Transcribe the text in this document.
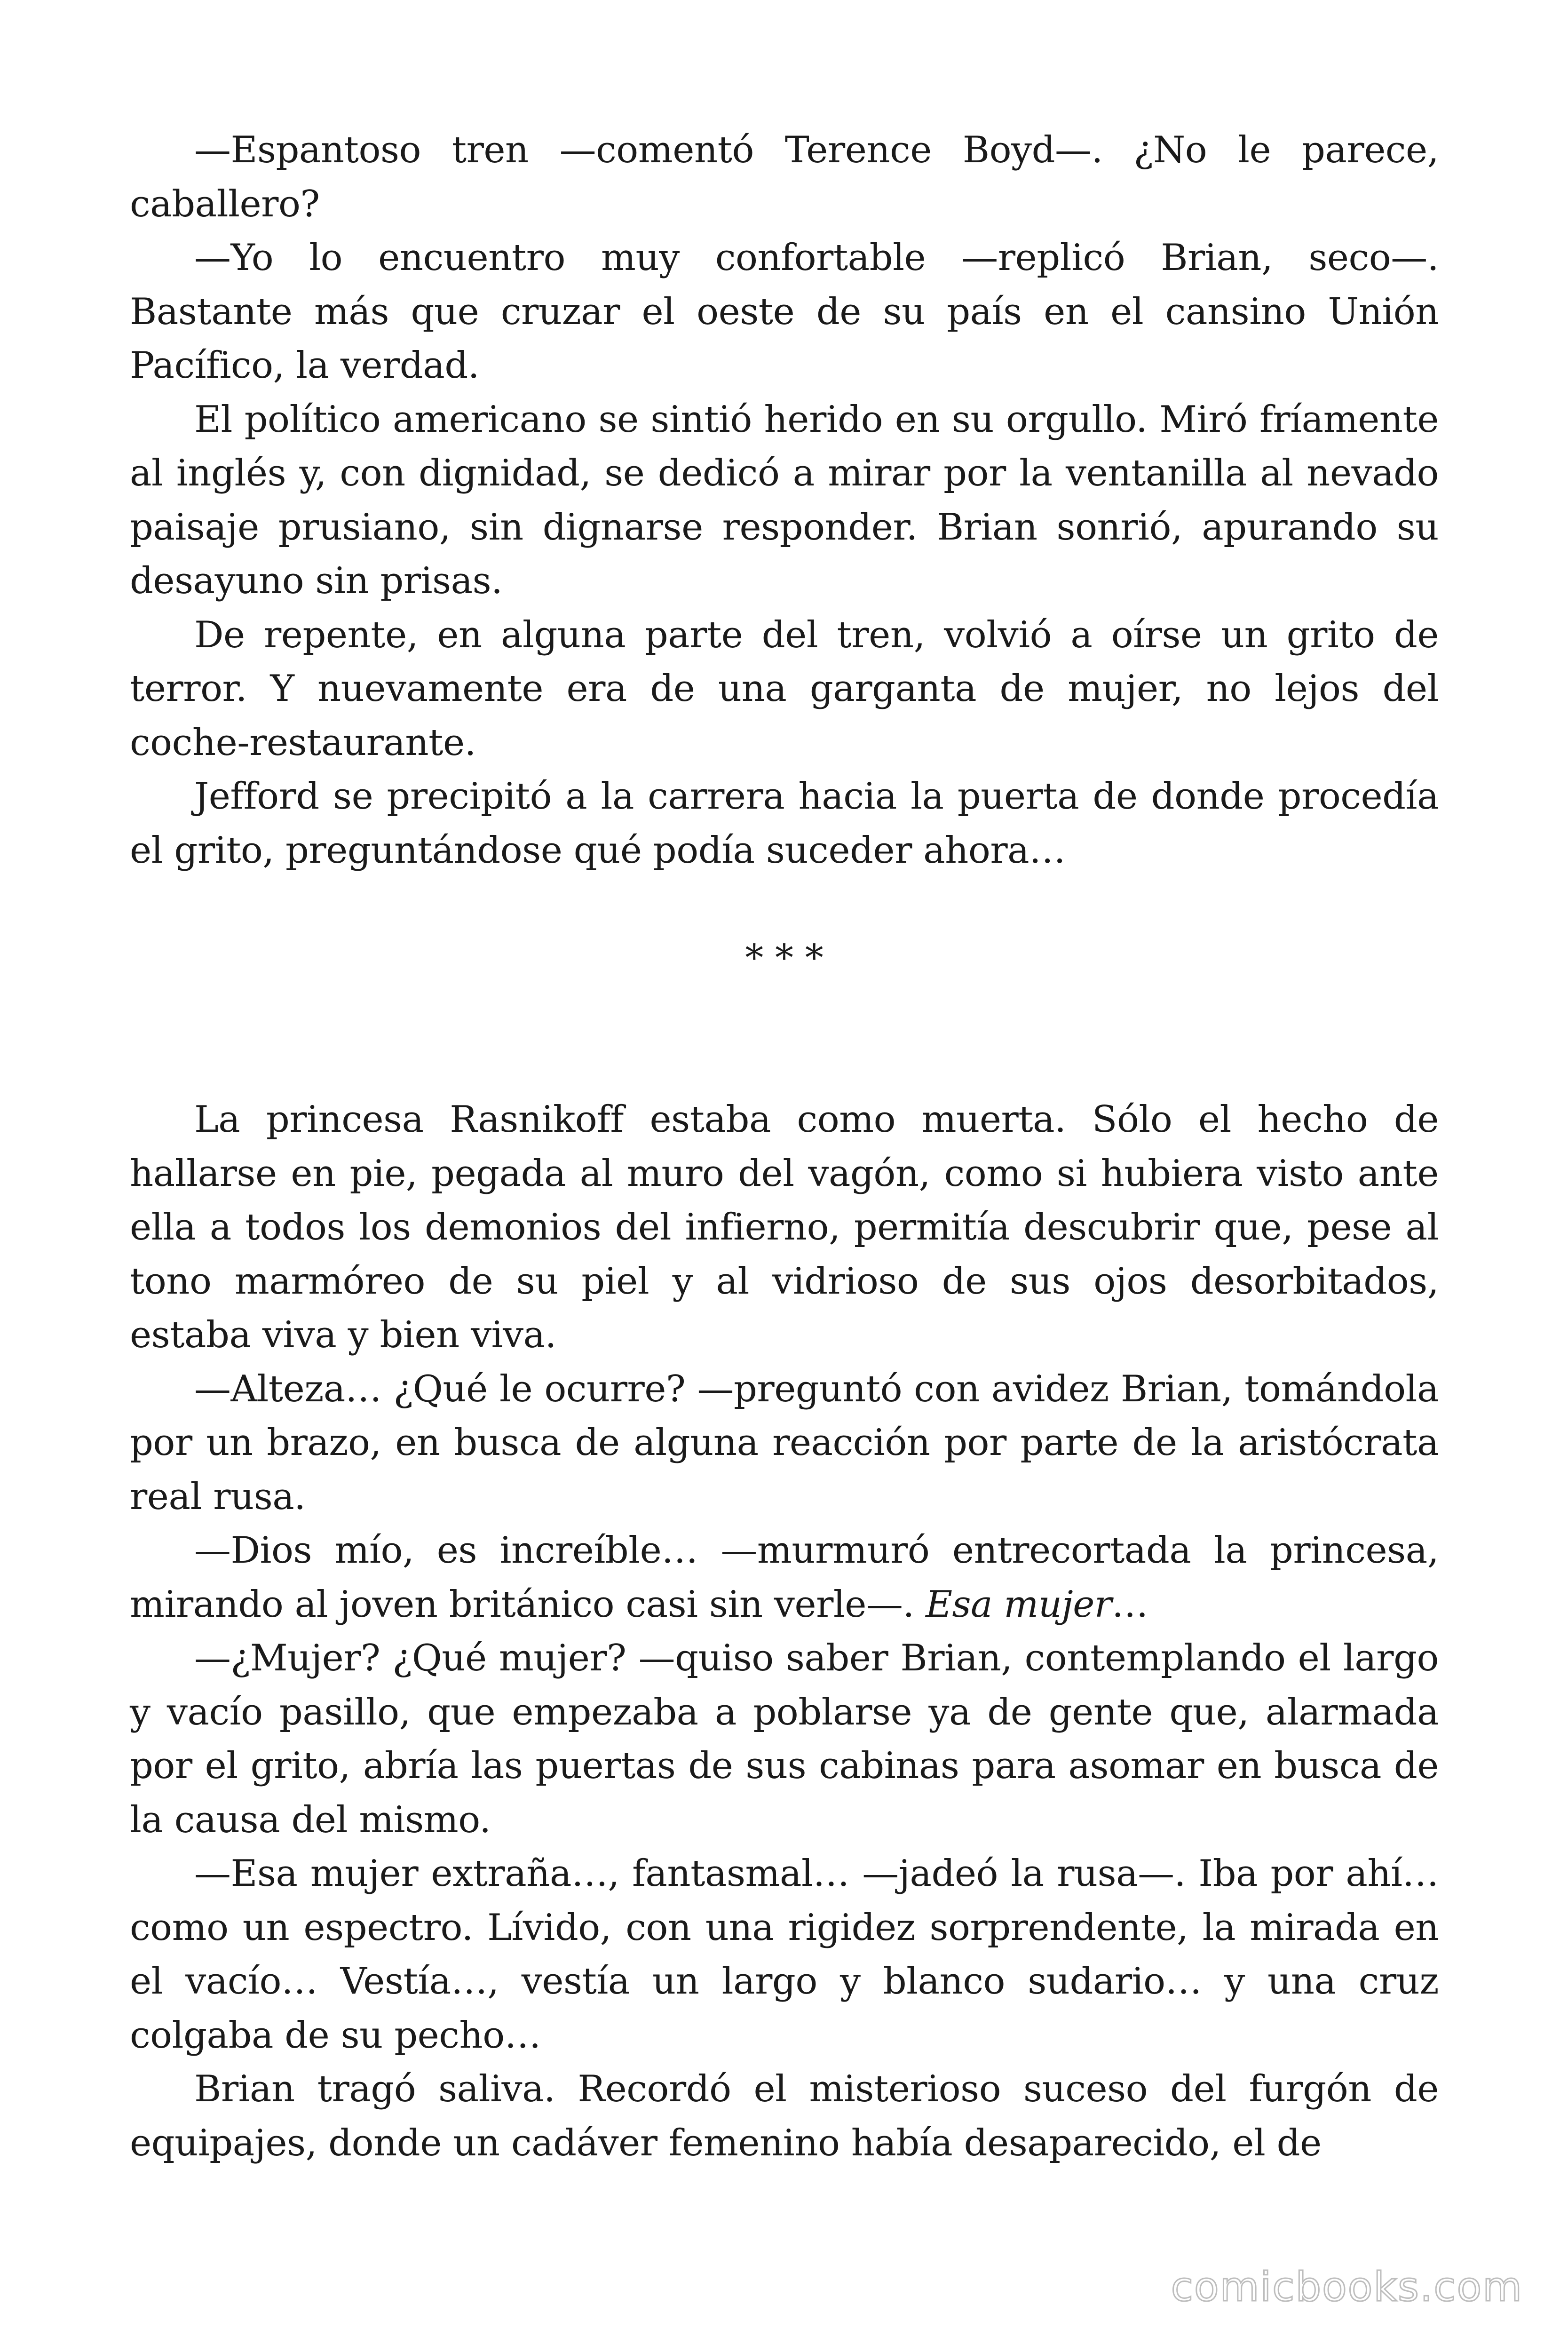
—Espantoso tren —comentó Terence Boyd—. ¿No le parece, caballero?

—Yo lo encuentro muy confortable —replicó Brian, seco—. Bastante más que cruzar el oeste de su país en el cansino Unión Pacífico, la verdad.

El político americano se sintió herido en su orgullo. Miró fríamente al inglés y, con dignidad, se dedicó a mirar por la ventanilla al nevado paisaje prusiano, sin dignarse responder. Brian sonrió, apurando su desayuno sin prisas.

De repente, en alguna parte del tren, volvió a oírse un grito de terror. Y nuevamente era de una garganta de mujer, no lejos del coche-restaurante.

Jefford se precipitó a la carrera hacia la puerta de donde procedía el grito, preguntándose qué podía suceder ahora…

* * *

La princesa Rasnikoff estaba como muerta. Sólo el hecho de hallarse en pie, pegada al muro del vagón, como si hubiera visto ante ella a todos los demonios del infierno, permitía descubrir que, pese al tono marmóreo de su piel y al vidrioso de sus ojos desorbitados, estaba viva y bien viva.

—Alteza… ¿Qué le ocurre? —preguntó con avidez Brian, tomándola por un brazo, en busca de alguna reacción por parte de la aristócrata real rusa.

—Dios mío, es increíble… —murmuró entrecortada la princesa, mirando al joven británico casi sin verle—. Esa mujer…

—¿Mujer? ¿Qué mujer? —quiso saber Brian, contemplando el largo y vacío pasillo, que empezaba a poblarse ya de gente que, alarmada por el grito, abría las puertas de sus cabinas para asomar en busca de la causa del mismo.

—Esa mujer extraña…, fantasmal… —jadeó la rusa—. Iba por ahí… como un espectro. Lívido, con una rigidez sorprendente, la mirada en el vacío… Vestía…, vestía un largo y blanco sudario… y una cruz colgaba de su pecho…

Brian tragó saliva. Recordó el misterioso suceso del furgón de equipajes, donde un cadáver femenino había desaparecido, el de

comicbooks.com
